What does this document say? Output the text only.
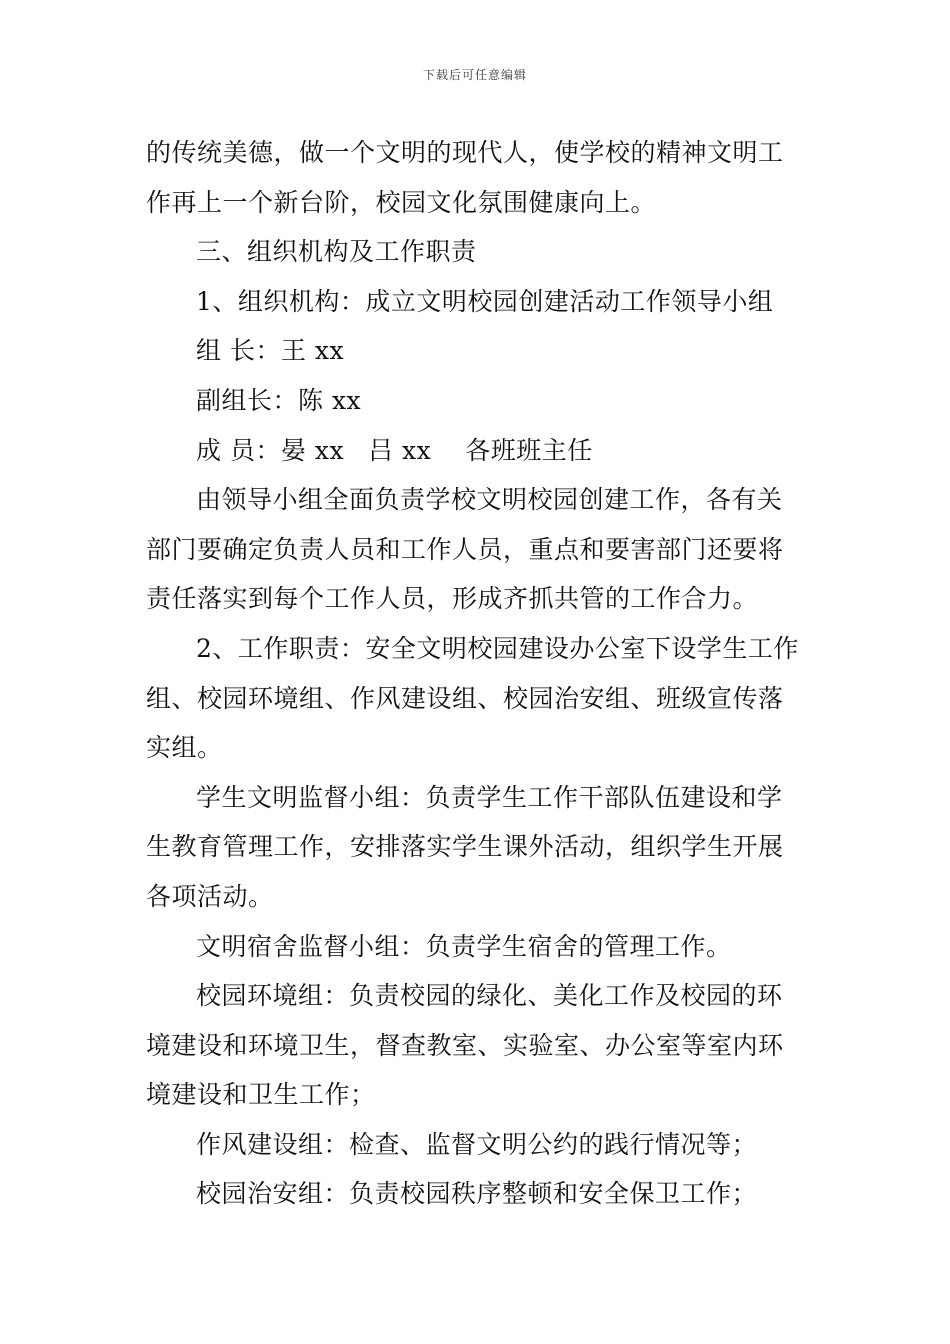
下载后可任意编辑
的传统美德，做一个文明的现代人，使学校的精神文明工
作再上一个新台阶，校园文化氛围健康向上。
三、组织机构及工作职责
1、组织机构：成立文明校园创建活动工作领导小组
组 长：王 xx
副组长：陈 xx
成 员：晏 xx 吕 xx 各班班主任
由领导小组全面负责学校文明校园创建工作，各有关
部门要确定负责人员和工作人员，重点和要害部门还要将
责任落实到每个工作人员，形成齐抓共管的工作合力。
2、工作职责：安全文明校园建设办公室下设学生工作
组、校园环境组、作风建设组、校园治安组、班级宣传落
实组。
学生文明监督小组：负责学生工作干部队伍建设和学
生教育管理工作，安排落实学生课外活动，组织学生开展
各项活动。
文明宿舍监督小组：负责学生宿舍的管理工作。
校园环境组：负责校园的绿化、美化工作及校园的环
境建设和环境卫生，督查教室、实验室、办公室等室内环
境建设和卫生工作；
作风建设组：检查、监督文明公约的践行情况等；
校园治安组：负责校园秩序整顿和安全保卫工作；
